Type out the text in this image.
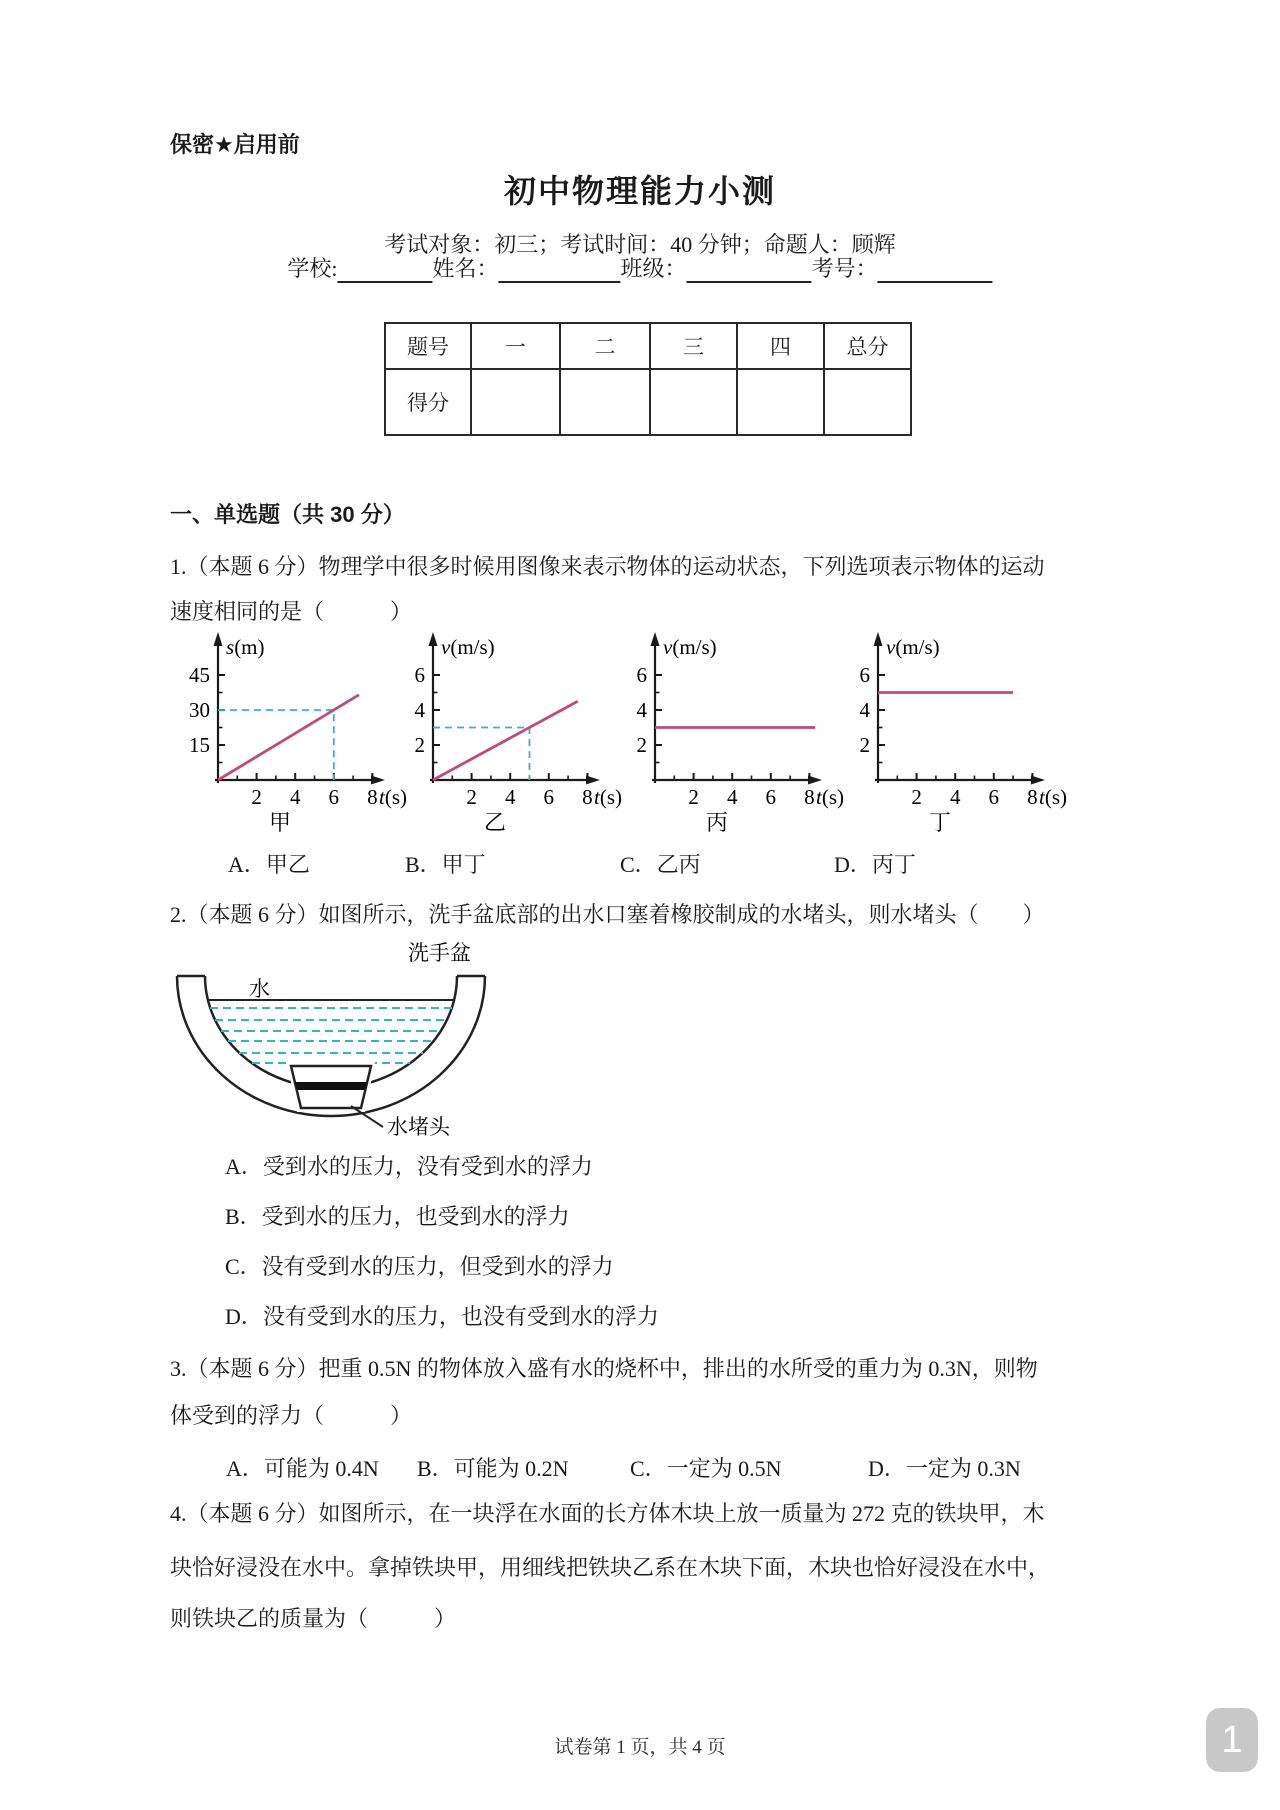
保密★启用前
初中物理能力小测
考试对象：初三；考试时间：40 分钟；命题人：顾辉
学校:	姓名：	班级：	考号：
题号	一	二	三	四	总分
得分					
一、单选题（共 30 分）
1.（本题 6 分）物理学中很多时候用图像来表示物体的运动状态，下列选项表示物体的运动
速度相同的是（　　　）
15
30
45
2 4 6 8
s(m)
t(s)
甲
2
4
6
2 4 6 8
v(m/s)
t(s)
乙
2
4
6
2 4 6 8
v(m/s)
t(s)
丙
2
4
6
2 4 6 8
v(m/s)
t(s)
丁
A．甲乙	B．甲丁	C．乙丙	D．丙丁
2.（本题 6 分）如图所示，洗手盆底部的出水口塞着橡胶制成的水堵头，则水堵头（　　）
洗手盆
水
水堵头
A．受到水的压力，没有受到水的浮力
B．受到水的压力，也受到水的浮力
C．没有受到水的压力，但受到水的浮力
D．没有受到水的压力，也没有受到水的浮力
3.（本题 6 分）把重 0.5N 的物体放入盛有水的烧杯中，排出的水所受的重力为 0.3N，则物
体受到的浮力（　　　）
A．可能为 0.4N B．可能为 0.2N	C．一定为 0.5N	D．一定为 0.3N
4.（本题 6 分）如图所示，在一块浮在水面的长方体木块上放一质量为 272 克的铁块甲，木
块恰好浸没在水中。拿掉铁块甲，用细线把铁块乙系在木块下面，木块也恰好浸没在水中，
则铁块乙的质量为（　　　）
试卷第 1 页，共 4 页	1
